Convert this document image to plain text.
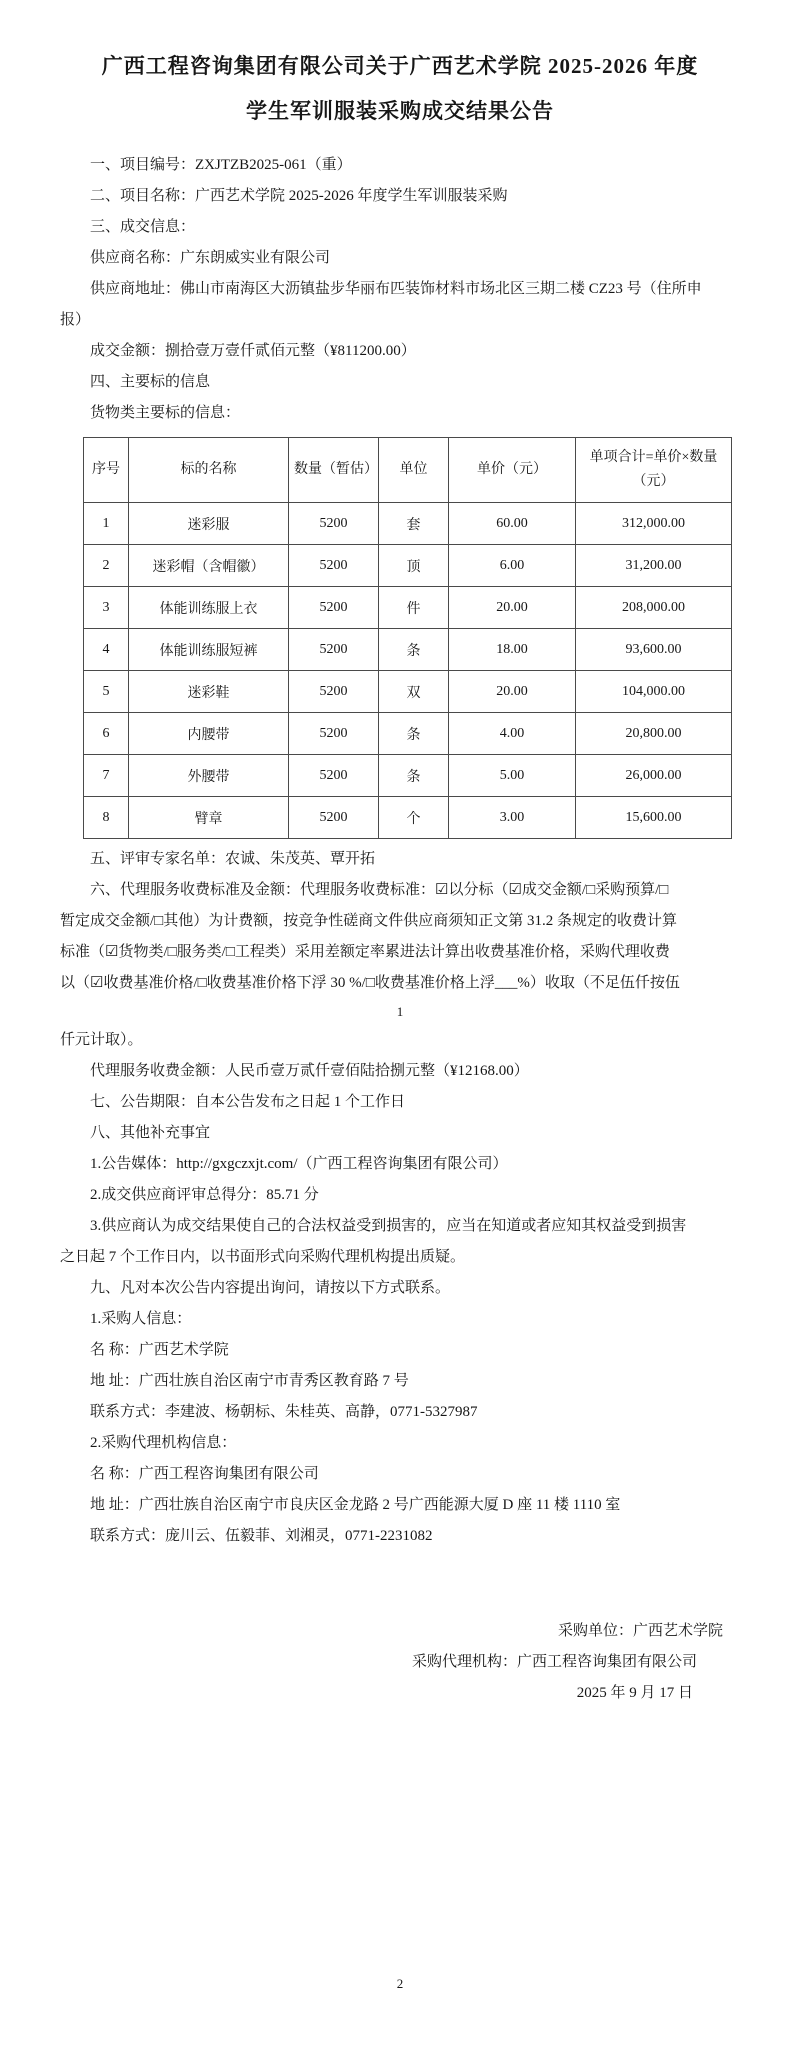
广西工程咨询集团有限公司关于广西艺术学院 2025-2026 年度

学生军训服装采购成交结果公告

一、项目编号：ZXJTZB2025-061（重）

二、项目名称：广西艺术学院 2025-2026 年度学生军训服装采购

三、成交信息：

供应商名称：广东朗威实业有限公司

供应商地址：佛山市南海区大沥镇盐步华丽布匹装饰材料市场北区三期二楼 CZ23 号（住所申

报）

成交金额：捌拾壹万壹仟贰佰元整（¥811200.00）

四、主要标的信息

货物类主要标的信息：

序号	标的名称	数量（暂估）	单位	单价（元）	单项合计=单价×数量（元）
1	迷彩服	5200	套	60.00	312,000.00
2	迷彩帽（含帽徽）	5200	顶	6.00	31,200.00
3	体能训练服上衣	5200	件	20.00	208,000.00
4	体能训练服短裤	5200	条	18.00	93,600.00
5	迷彩鞋	5200	双	20.00	104,000.00
6	内腰带	5200	条	4.00	20,800.00
7	外腰带	5200	条	5.00	26,000.00
8	臂章	5200	个	3.00	15,600.00

五、评审专家名单：农诚、朱茂英、覃开拓

六、代理服务收费标准及金额：代理服务收费标准：☑以分标（☑成交金额/□采购预算/□

暂定成交金额/□其他）为计费额，按竞争性磋商文件供应商须知正文第 31.2 条规定的收费计算

标准（☑货物类/□服务类/□工程类）采用差额定率累进法计算出收费基准价格，采购代理收费

以（☑收费基准价格/□收费基准价格下浮 30 %/□收费基准价格上浮___%）收取（不足伍仟按伍

1

仟元计取）。

代理服务收费金额：人民币壹万贰仟壹佰陆拾捌元整（¥12168.00）

七、公告期限：自本公告发布之日起 1 个工作日

八、其他补充事宜

1.公告媒体：http://gxgczxjt.com/（广西工程咨询集团有限公司）

2.成交供应商评审总得分：85.71 分

3.供应商认为成交结果使自己的合法权益受到损害的，应当在知道或者应知其权益受到损害

之日起 7 个工作日内，以书面形式向采购代理机构提出质疑。

九、凡对本次公告内容提出询问，请按以下方式联系。

1.采购人信息：

名 称：广西艺术学院

地 址：广西壮族自治区南宁市青秀区教育路 7 号

联系方式：李建波、杨朝标、朱桂英、高静，0771-5327987

2.采购代理机构信息：

名 称：广西工程咨询集团有限公司

地 址：广西壮族自治区南宁市良庆区金龙路 2 号广西能源大厦 D 座 11 楼 1110 室

联系方式：庞川云、伍毅菲、刘湘灵，0771-2231082

采购单位：广西艺术学院

采购代理机构：广西工程咨询集团有限公司

2025 年 9 月 17 日

2
